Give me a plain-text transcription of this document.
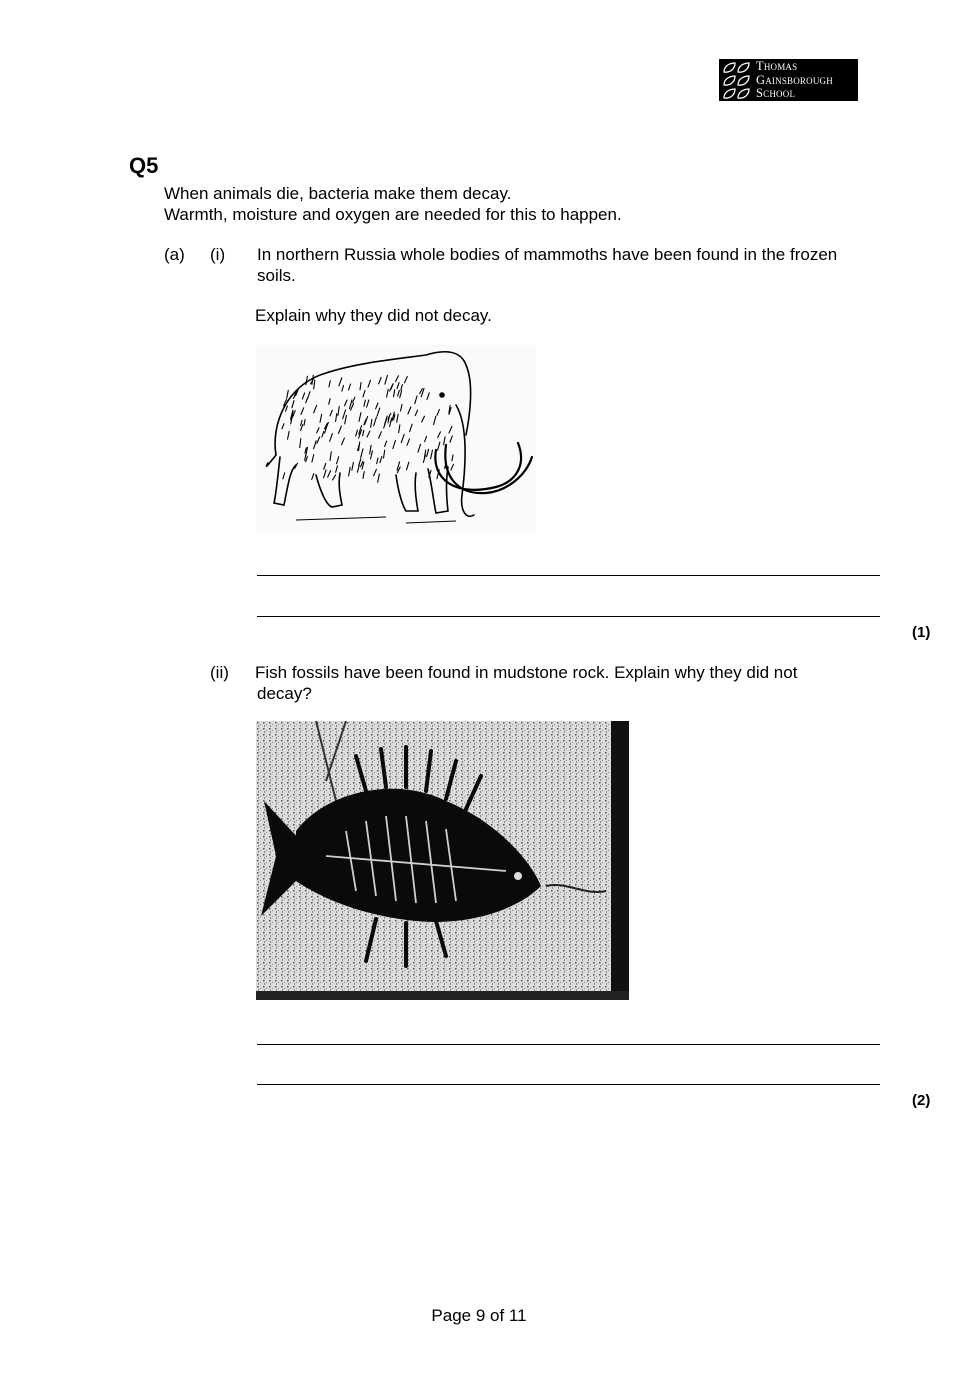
Thomas
Gainsborough
School
Q5
When animals die, bacteria make them decay.
Warmth, moisture and oxygen are needed for this to happen.
(a) (i) In northern Russia whole bodies of mammoths have been found in the frozen
soils.
Explain why they did not decay.
(1)
(ii) Fish fossils have been found in mudstone rock. Explain why they did not
decay?
(2)
Page 9 of 11
